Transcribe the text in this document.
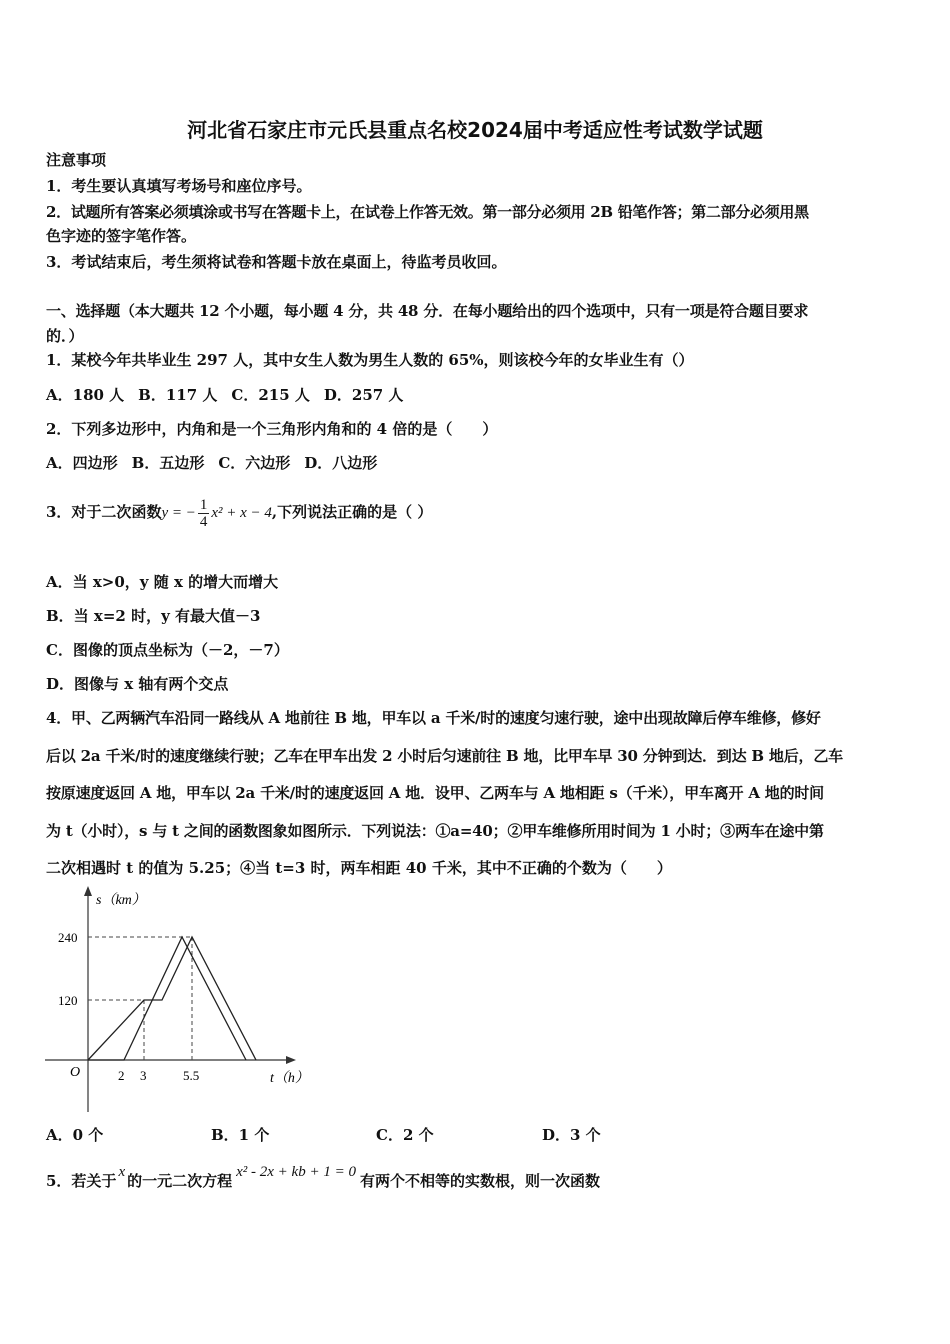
河北省石家庄市元氏县重点名校2024届中考适应性考试数学试题
注意事项
1．考生要认真填写考场号和座位序号。
2．试题所有答案必须填涂或书写在答题卡上，在试卷上作答无效。第一部分必须用 2B 铅笔作答；第二部分必须用黑
色字迹的签字笔作答。
3．考试结束后，考生须将试卷和答题卡放在桌面上，待监考员收回。
一、选择题（本大题共 12 个小题，每小题 4 分，共 48 分．在每小题给出的四个选项中，只有一项是符合题目要求
的．）
1．某校今年共毕业生 297 人，其中女生人数为男生人数的 65%，则该校今年的女毕业生有（）
A．180 人 B．117 人 C．215 人 D．257 人
2．下列多边形中，内角和是一个三角形内角和的 4 倍的是（　　）
A．四边形 B．五边形 C．六边形 D．八边形
3．对于二次函数y = − $\frac{1}{4} x^2 + x - 4$,下列说法正确的是（ ）
A．当 x>0，y 随 x 的增大而增大
B．当 x=2 时，y 有最大值－3
C．图像的顶点坐标为（－2，－7）
D．图像与 x 轴有两个交点
4．甲、乙两辆汽车沿同一路线从 A 地前往 B 地，甲车以 a 千米/时的速度匀速行驶，途中出现故障后停车维修，修好
后以 2a 千米/时的速度继续行驶；乙车在甲车出发 2 小时后匀速前往 B 地，比甲车早 30 分钟到达．到达 B 地后，乙车
按原速度返回 A 地，甲车以 2a 千米/时的速度返回 A 地．设甲、乙两车与 A 地相距 s（千米），甲车离开 A 地的时间
为 t（小时），s 与 t 之间的函数图象如图所示．下列说法：①a=40；②甲车维修所用时间为 1 小时；③两车在途中第
二次相遇时 t 的值为 5.25；④当 t=3 时，两车相距 40 千米，其中不正确的个数为（　　）
s（km）
t（h）
O
240
120
2 3	5.5
A．0 个	B．1 个	C．2 个	D．3 个
5．若关于 x 的一元二次方程 x² - 2x + kb + 1 = 0 有两个不相等的实数根，则一次函数
